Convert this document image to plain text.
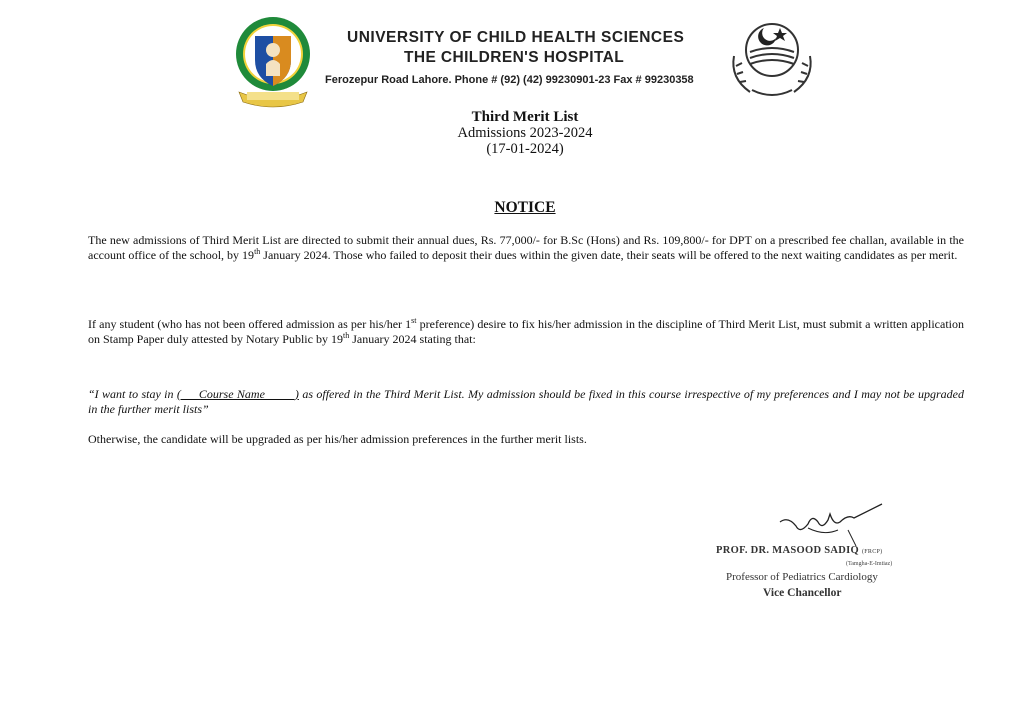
UNIVERSITY OF CHILD HEALTH SCIENCES
THE CHILDREN'S HOSPITAL
Ferozepur Road Lahore. Phone # (92) (42) 99230901-23 Fax # 99230358
Third Merit List
Admissions 2023-2024
(17-01-2024)
NOTICE
The new admissions of Third Merit List are directed to submit their annual dues, Rs. 77,000/- for B.Sc (Hons) and Rs. 109,800/- for DPT on a prescribed fee challan, available in the account office of the school, by 19th January 2024. Those who failed to deposit their dues within the given date, their seats will be offered to the next waiting candidates as per merit.
If any student (who has not been offered admission as per his/her 1st preference) desire to fix his/her admission in the discipline of Third Merit List, must submit a written application on Stamp Paper duly attested by Notary Public by 19th January 2024 stating that:
“I want to stay in (___Course Name_____) as offered in the Third Merit List. My admission should be fixed in this course irrespective of my preferences and I may not be upgraded in the further merit lists”
Otherwise, the candidate will be upgraded as per his/her admission preferences in the further merit lists.
PROF. DR. MASOOD SADIQ (FRCP)
(Tamgha-E-Imtiaz)
Professor of Pediatrics Cardiology
Vice Chancellor
